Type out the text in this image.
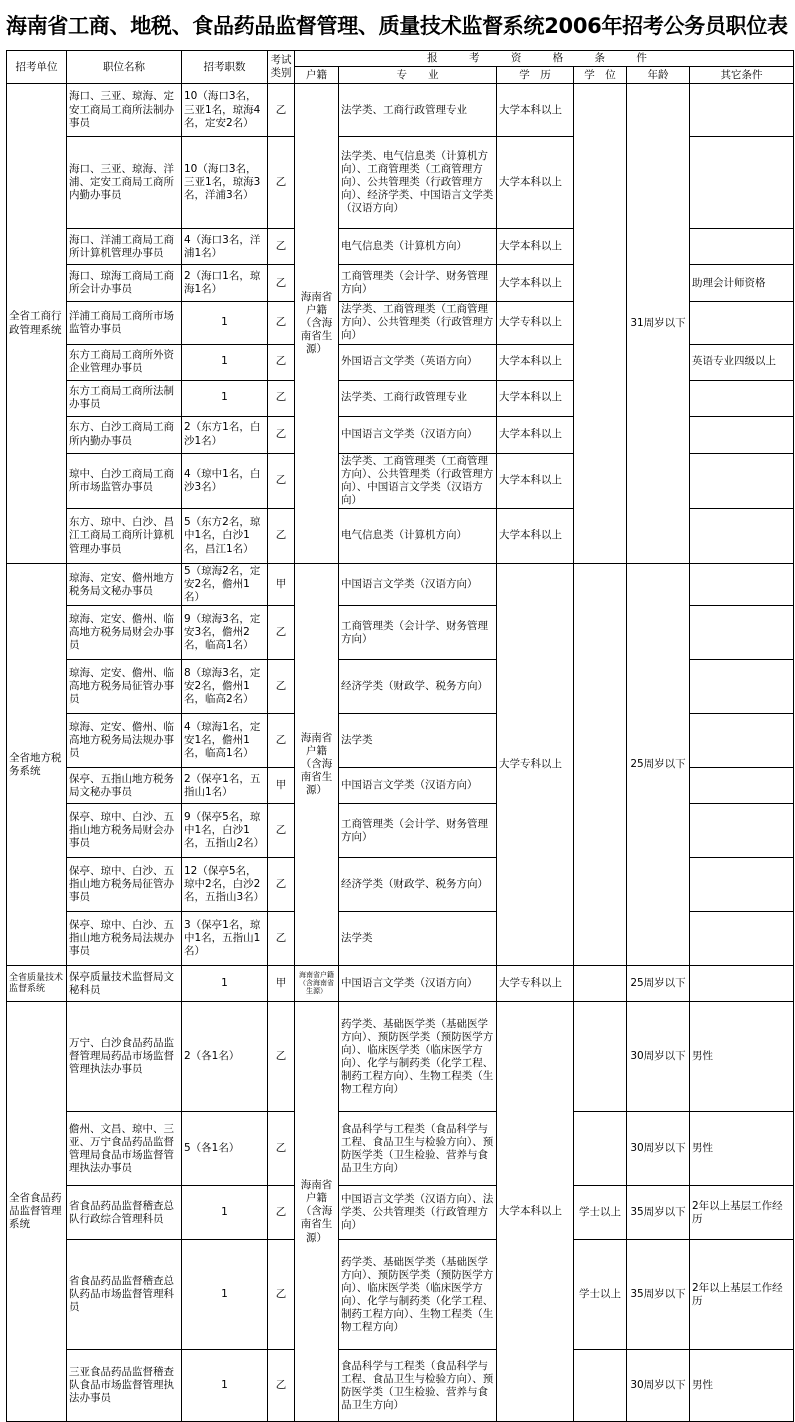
海南省工商、地税、食品药品监督管理、质量技术监督系统2006年招考公务员职位表
招考单位	职位名称	招考职数	考试类别	报 考 资 格 条 件					
				户籍	专　　业	学　历	学　位	年龄	其它条件
全省工商行政管理系统	海口、三亚、琼海、定安工商局工商所法制办事员	10（海口3名，三亚1名，琼海4名，定安2名）	乙	海南省户籍（含海南省生源）	法学类、工商行政管理专业	大学本科以上		31周岁以下	
	海口、三亚、琼海、洋浦、定安工商局工商所内勤办事员	10（海口3名，三亚1名，琼海3名，洋浦3名）	乙		法学类、电气信息类（计算机方向）、工商管理类（工商管理方向）、公共管理类（行政管理方向）、经济学类、中国语言文学类（汉语方向）	大学本科以上			
	海口、洋浦工商局工商所计算机管理办事员	4（海口3名，洋浦1名）	乙		电气信息类（计算机方向）	大学本科以上			
	海口、琼海工商局工商所会计办事员	2（海口1名，琼海1名）	乙		工商管理类（会计学、财务管理方向）	大学本科以上			助理会计师资格
	洋浦工商局工商所市场监管办事员	1	乙		法学类、工商管理类（工商管理方向）、公共管理类（行政管理方向）	大学专科以上			
	东方工商局工商所外资企业管理办事员	1	乙		外国语言文学类（英语方向）	大学本科以上			英语专业四级以上
	东方工商局工商所法制办事员	1	乙		法学类、工商行政管理专业	大学本科以上			
	东方、白沙工商局工商所内勤办事员	2（东方1名，白沙1名）	乙		中国语言文学类（汉语方向）	大学本科以上			
	琼中、白沙工商局工商所市场监管办事员	4（琼中1名，白沙3名）	乙		法学类、工商管理类（工商管理方向）、公共管理类（行政管理方向）、中国语言文学类（汉语方向）	大学本科以上			
	东方、琼中、白沙、昌江工商局工商所计算机管理办事员	5（东方2名，琼中1名，白沙1名，昌江1名）	乙		电气信息类（计算机方向）	大学本科以上			
全省地方税务系统	琼海、定安、儋州地方税务局文秘办事员	5（琼海2名，定安2名，儋州1名）	甲	海南省户籍（含海南省生源）	中国语言文学类（汉语方向）	大学专科以上		25周岁以下	
	琼海、定安、儋州、临高地方税务局财会办事员	9（琼海3名，定安3名，儋州2名，临高1名）	乙		工商管理类（会计学、财务管理方向）				
	琼海、定安、儋州、临高地方税务局征管办事员	8（琼海3名，定安2名，儋州1名，临高2名）	乙		经济学类（财政学、税务方向）				
	琼海、定安、儋州、临高地方税务局法规办事员	4（琼海1名，定安1名，儋州1名，临高1名）	乙		法学类				
	保亭、五指山地方税务局文秘办事员	2（保亭1名，五指山1名）	甲		中国语言文学类（汉语方向）				
	保亭、琼中、白沙、五指山地方税务局财会办事员	9（保亭5名，琼中1名，白沙1名，五指山2名）	乙		工商管理类（会计学、财务管理方向）				
	保亭、琼中、白沙、五指山地方税务局征管办事员	12（保亭5名，琼中2名，白沙2名，五指山3名）	乙		经济学类（财政学、税务方向）				
	保亭、琼中、白沙、五指山地方税务局法规办事员	3（保亭1名，琼中1名，五指山1名）	乙		法学类				
全省质量技术监督系统	保亭质量技术监督局文秘科员	1	甲	海南省户籍（含海南省生源）	中国语言文学类（汉语方向）	大学专科以上		25周岁以下	
全省食品药品监督管理系统	万宁、白沙食品药品监督管理局药品市场监督管理执法办事员	2（各1名）	乙	海南省户籍（含海南省生源）	药学类、基础医学类（基础医学方向）、预防医学类（预防医学方向）、临床医学类（临床医学方向）、化学与制药类（化学工程、制药工程方向）、生物工程类（生物工程方向）	大学本科以上		30周岁以下	男性
	儋州、文昌、琼中、三亚、万宁食品药品监督管理局食品市场监督管理执法办事员	5（各1名）	乙		食品科学与工程类（食品科学与工程、食品卫生与检验方向）、预防医学类（卫生检验、营养与食品卫生方向）			30周岁以下	男性
	省食品药品监督稽查总队行政综合管理科员	1	乙		中国语言文学类（汉语方向）、法学类、公共管理类（行政管理方向）		学士以上	35周岁以下	2年以上基层工作经历
	省食品药品监督稽查总队药品市场监督管理科员	1	乙		药学类、基础医学类（基础医学方向）、预防医学类（预防医学方向）、临床医学类（临床医学方向）、化学与制药类（化学工程、制药工程方向）、生物工程类（生物工程方向）		学士以上	35周岁以下	2年以上基层工作经历
	三亚食品药品监督稽查队食品市场监督管理执法办事员	1	乙		食品科学与工程类（食品科学与工程、食品卫生与检验方向）、预防医学类（卫生检验、营养与食品卫生方向）			30周岁以下	男性
